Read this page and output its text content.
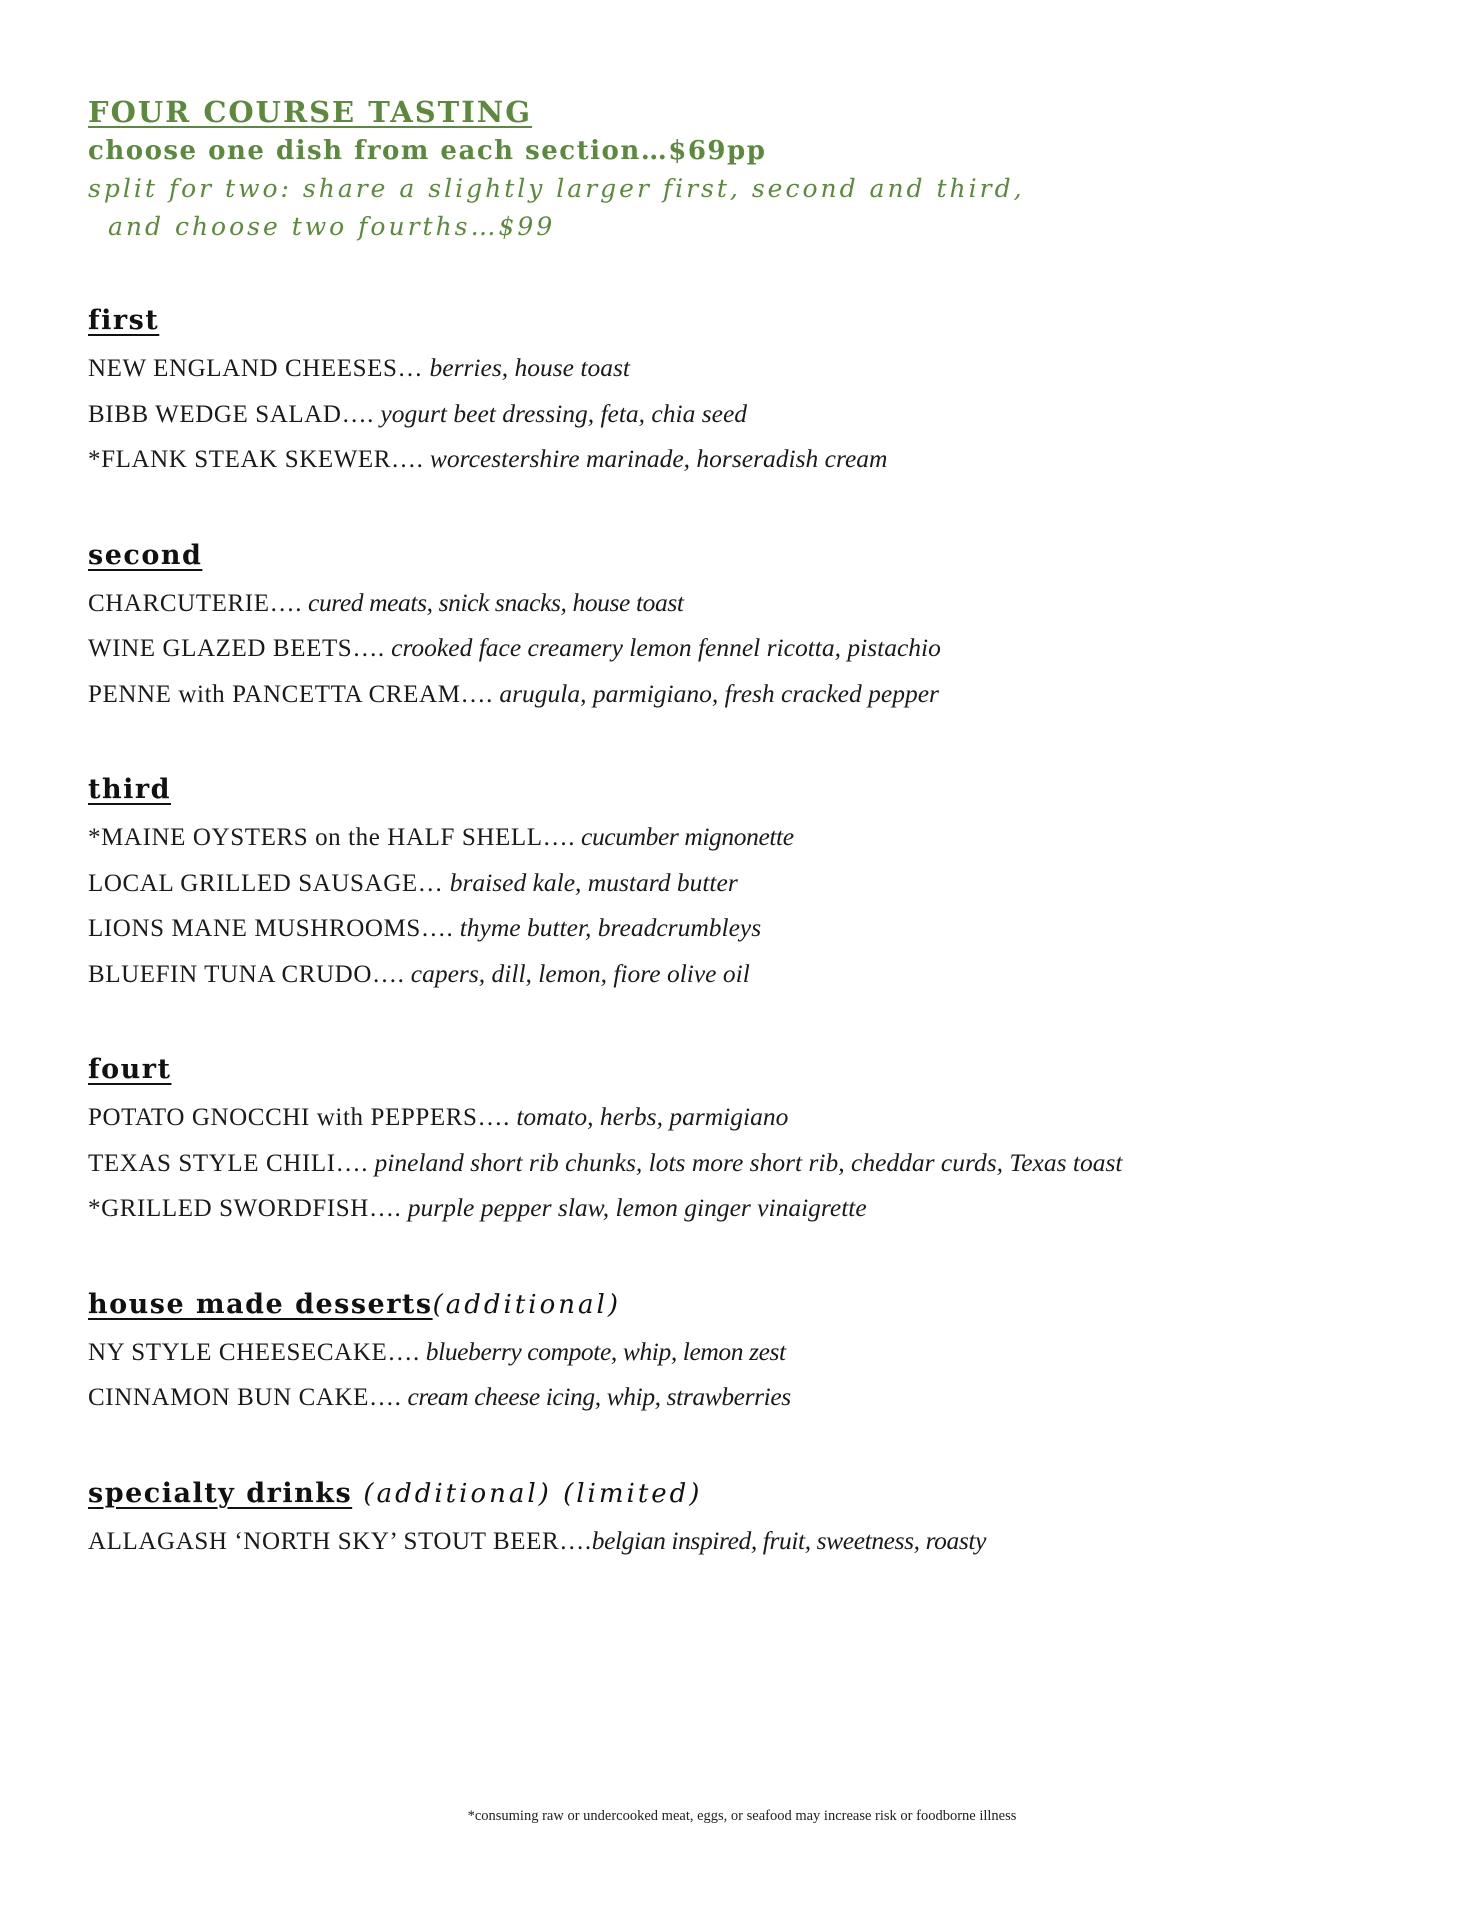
FOUR COURSE TASTING

choose one dish from each section…$69pp

split for two: share a slightly larger first, second and third,

and choose two fourths…$99

first

NEW ENGLAND CHEESES… berries, house toast

BIBB WEDGE SALAD…. yogurt beet dressing, feta, chia seed

*FLANK STEAK SKEWER…. worcestershire marinade, horseradish cream

second

CHARCUTERIE…. cured meats, snick snacks, house toast

WINE GLAZED BEETS…. crooked face creamery lemon fennel ricotta, pistachio

PENNE with PANCETTA CREAM…. arugula, parmigiano, fresh cracked pepper

third

*MAINE OYSTERS on the HALF SHELL…. cucumber mignonette

LOCAL GRILLED SAUSAGE… braised kale, mustard butter

LIONS MANE MUSHROOMS…. thyme butter, breadcrumbleys

BLUEFIN TUNA CRUDO…. capers, dill, lemon, fiore olive oil

fourt

POTATO GNOCCHI with PEPPERS…. tomato, herbs, parmigiano

TEXAS STYLE CHILI…. pineland short rib chunks, lots more short rib, cheddar curds, Texas toast

*GRILLED SWORDFISH…. purple pepper slaw, lemon ginger vinaigrette

house made desserts(additional)

NY STYLE CHEESECAKE…. blueberry compote, whip, lemon zest

CINNAMON BUN CAKE…. cream cheese icing, whip, strawberries

specialty drinks (additional) (limited)

ALLAGASH ‘NORTH SKY’ STOUT BEER….belgian inspired, fruit, sweetness, roasty

*consuming raw or undercooked meat, eggs, or seafood may increase risk or foodborne illness
